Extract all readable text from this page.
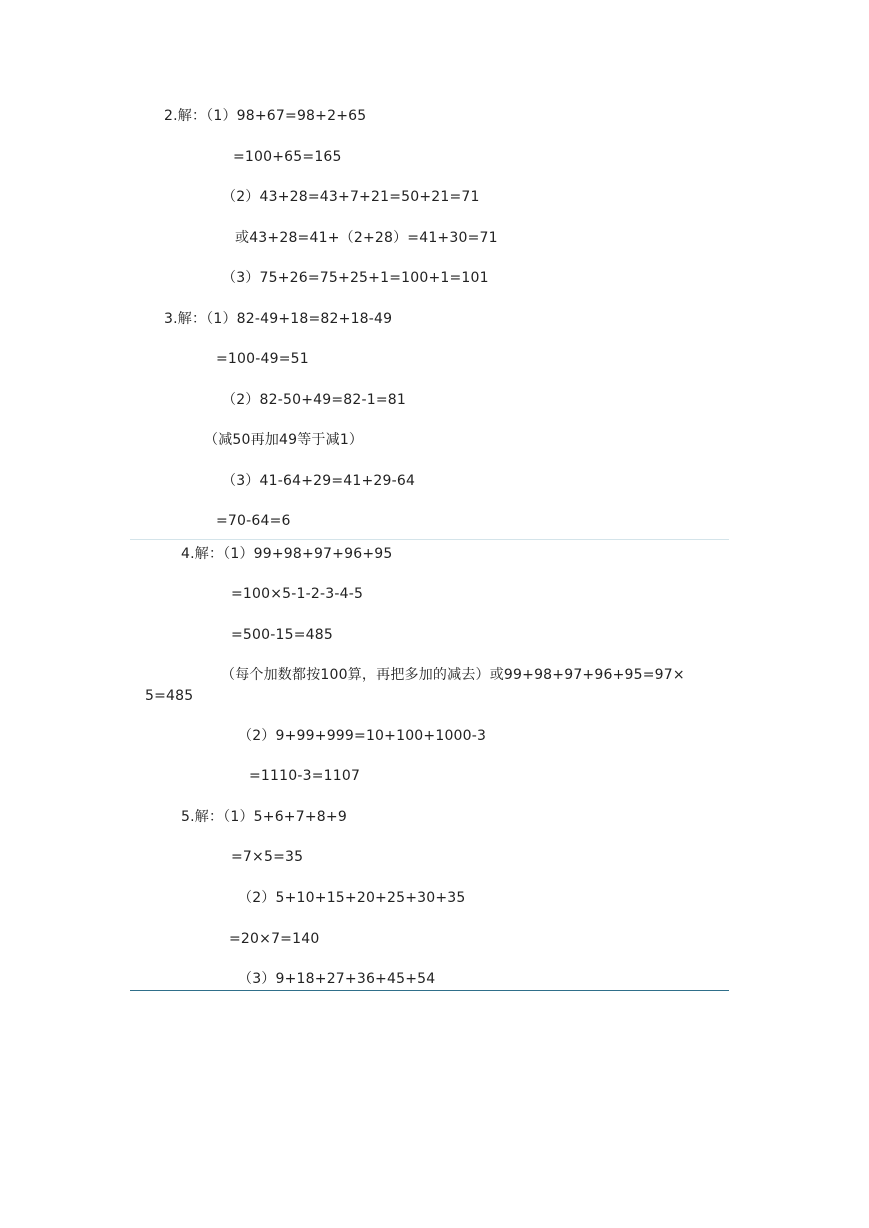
2.解：（1）98+67=98+2+65
=100+65=165
（2）43+28=43+7+21=50+21=71
或43+28=41+（2+28）=41+30=71
（3）75+26=75+25+1=100+1=101
3.解：（1）82-49+18=82+18-49
=100-49=51
（2）82-50+49=82-1=81
（减50再加49等于减1）
（3）41-64+29=41+29-64
=70-64=6
4.解：（1）99+98+97+96+95
=100×5-1-2-3-4-5
=500-15=485
（每个加数都按100算，再把多加的减去）或99+98+97+96+95=97×
5=485
（2）9+99+999=10+100+1000-3
=1110-3=1107
5.解：（1）5+6+7+8+9
=7×5=35
（2）5+10+15+20+25+30+35
=20×7=140
（3）9+18+27+36+45+54
